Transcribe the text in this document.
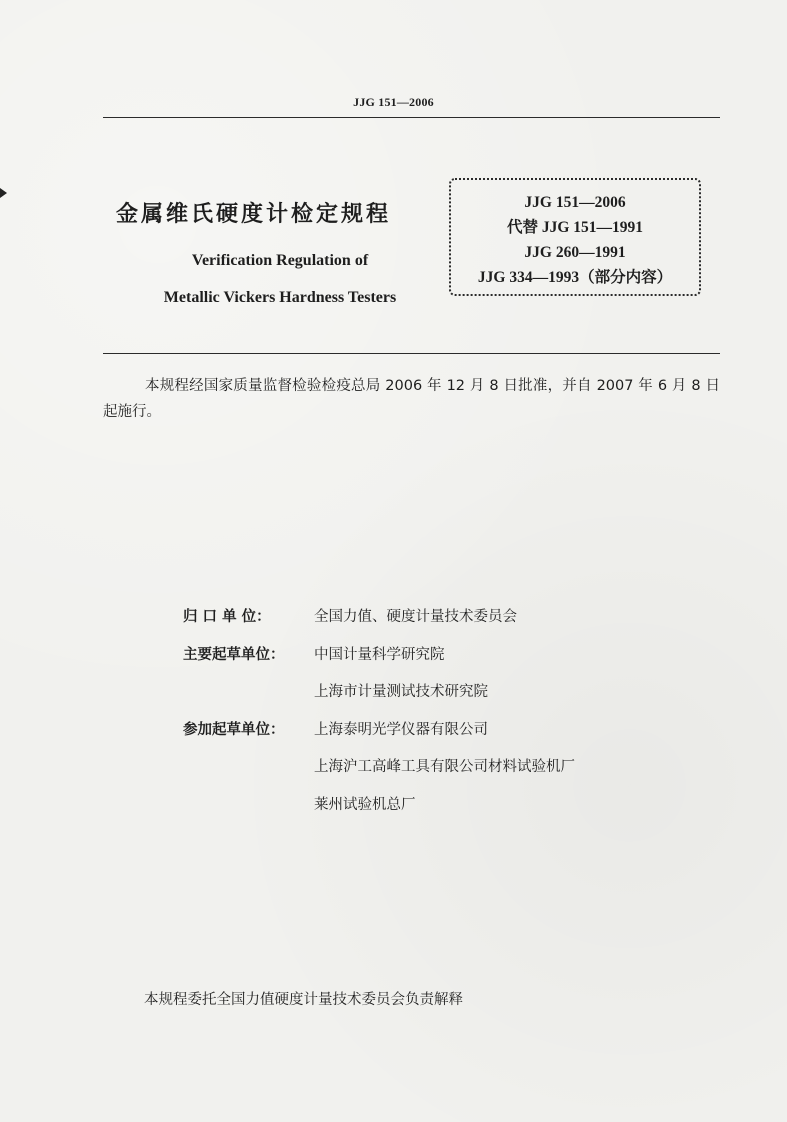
JJG 151—2006
金属维氏硬度计检定规程
Verification Regulation of
Metallic Vickers Hardness Testers
JJG 151—2006
代替 JJG 151—1991
JJG 260—1991
JJG 334—1993（部分内容）
本规程经国家质量监督检验检疫总局 2006 年 12 月 8 日批准，并自 2007 年 6 月 8 日起施行。
归 口 单 位：	全国力值、硬度计量技术委员会
主要起草单位：	中国计量科学研究院
上海市计量测试技术研究院
参加起草单位：	上海泰明光学仪器有限公司
上海沪工高峰工具有限公司材料试验机厂
莱州试验机总厂
本规程委托全国力值硬度计量技术委员会负责解释
